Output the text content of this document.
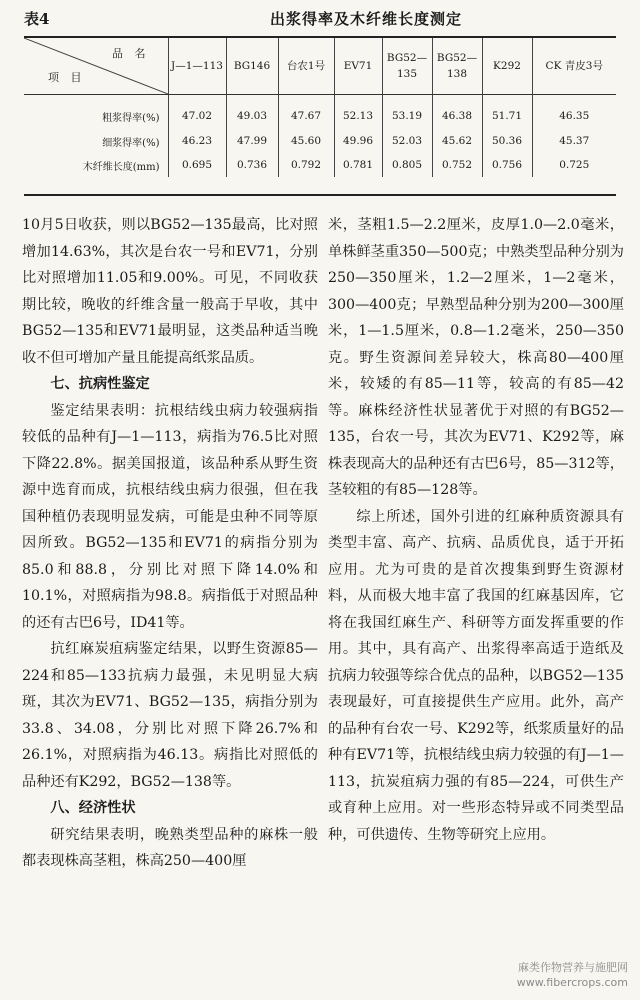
表4	出浆得率及木纤维长度测定
品 名
项 目	J—1—113	BG146	台农1号	EV71	BG52—135	BG52—138	K292	CK 青皮3号
粗浆得率(%)	47.02	49.03	47.67	52.13	53.19	46.38	51.71	46.35
细浆得率(%)	46.23	47.99	45.60	49.96	52.03	45.62	50.36	45.37
木纤维长度(mm)	0.695	0.736	0.792	0.781	0.805	0.752	0.756	0.725

10月5日收获，则以BG52—135最高，比对照增加14.63%，其次是台农一号和EV71，分别比对照增加11.05和9.00%。可见，不同收获期比较，晚收的纤维含量一般高于早收，其中BG52—135和EV71最明显，这类品种适当晚收不但可增加产量且能提高纸浆品质。

七、抗病性鉴定

鉴定结果表明：抗根结线虫病力较强病指较低的品种有J—1—113，病指为76.5比对照下降22.8%。据美国报道，该品种系从野生资源中选育而成，抗根结线虫病力很强，但在我国种植仍表现明显发病，可能是虫种不同等原因所致。BG52—135和EV71的病指分别为85.0和88.8，分别比对照下降14.0%和10.1%，对照病指为98.8。病指低于对照品种的还有古巴6号，ID41等。

抗红麻炭疽病鉴定结果，以野生资源85—224和85—133抗病力最强，未见明显大病斑，其次为EV71、BG52—135，病指分别为33.8、34.08，分别比对照下降26.7%和26.1%，对照病指为46.13。病指比对照低的品种还有K292，BG52—138等。

八、经济性状

研究结果表明，晚熟类型品种的麻株一般都表现株高茎粗，株高250—400厘

米，茎粗1.5—2.2厘米，皮厚1.0—2.0毫米，单株鲜茎重350—500克；中熟类型品种分别为250—350厘米，1.2—2厘米，1—2毫米，300—400克；早熟型品种分别为200—300厘米，1—1.5厘米，0.8—1.2毫米，250—350克。野生资源间差异较大，株高80—400厘米，较矮的有85—11等，较高的有85—42等。麻株经济性状显著优于对照的有BG52—135，台农一号，其次为EV71、K292等，麻株表现高大的品种还有古巴6号，85—312等，茎较粗的有85—128等。

综上所述，国外引进的红麻种质资源具有类型丰富、高产、抗病、品质优良，适于开拓应用。尤为可贵的是首次搜集到野生资源材料，从而极大地丰富了我国的红麻基因库，它将在我国红麻生产、科研等方面发挥重要的作用。其中，具有高产、出浆得率高适于造纸及抗病力较强等综合优点的品种，以BG52—135表现最好，可直接提供生产应用。此外，高产的品种有台农一号、K292等，纸浆质量好的品种有EV71等，抗根结线虫病力较强的有J—1—113，抗炭疽病力强的有85—224，可供生产或育种上应用。对一些形态特异或不同类型品种，可供遗传、生物等研究上应用。

麻类作物营养与施肥网
www.fibercrops.com
